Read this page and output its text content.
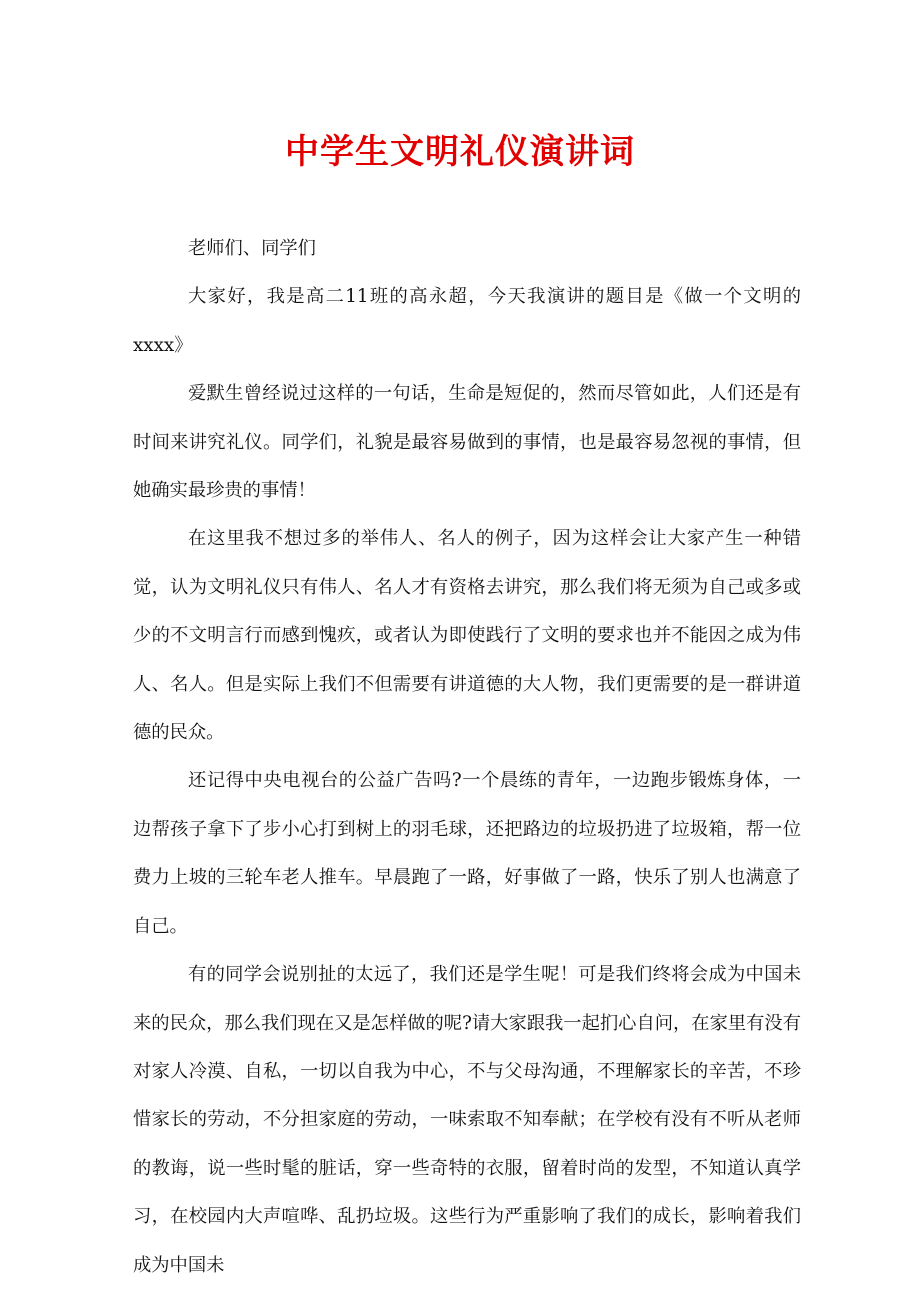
中学生文明礼仪演讲词

老师们、同学们

大家好，我是高二11班的高永超，今天我演讲的题目是《做一个文明的xxxx》

爱默生曾经说过这样的一句话，生命是短促的，然而尽管如此，人们还是有时间来讲究礼仪。同学们，礼貌是最容易做到的事情，也是最容易忽视的事情，但她确实最珍贵的事情！

在这里我不想过多的举伟人、名人的例子，因为这样会让大家产生一种错觉，认为文明礼仪只有伟人、名人才有资格去讲究，那么我们将无须为自己或多或少的不文明言行而感到愧疚，或者认为即使践行了文明的要求也并不能因之成为伟人、名人。但是实际上我们不但需要有讲道德的大人物，我们更需要的是一群讲道德的民众。

还记得中央电视台的公益广告吗?一个晨练的青年，一边跑步锻炼身体，一边帮孩子拿下了步小心打到树上的羽毛球，还把路边的垃圾扔进了垃圾箱，帮一位费力上坡的三轮车老人推车。早晨跑了一路，好事做了一路，快乐了别人也满意了自己。

有的同学会说别扯的太远了，我们还是学生呢！可是我们终将会成为中国未来的民众，那么我们现在又是怎样做的呢?请大家跟我一起扪心自问，在家里有没有对家人冷漠、自私，一切以自我为中心，不与父母沟通，不理解家长的辛苦，不珍惜家长的劳动，不分担家庭的劳动，一味索取不知奉献；在学校有没有不听从老师的教诲，说一些时髦的脏话，穿一些奇特的衣服，留着时尚的发型，不知道认真学习，在校园内大声喧哗、乱扔垃圾。这些行为严重影响了我们的成长，影响着我们成为中国未
